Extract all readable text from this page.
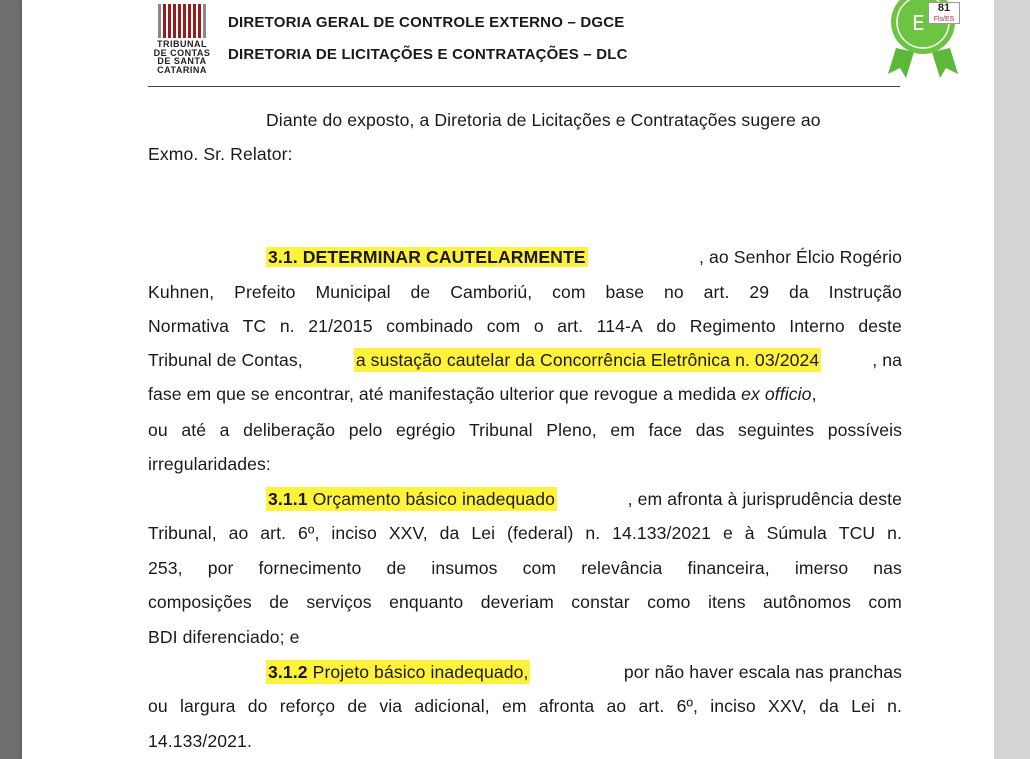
TRIBUNAL
DE CONTAS
DE SANTA
CATARINA
DIRETORIA GERAL DE CONTROLE EXTERNO – DGCE
DIRETORIA DE LICITAÇÕES E CONTRATAÇÕES – DLC
E
81
Fls/ES
Diante do exposto, a Diretoria de Licitações e Contratações sugere ao
Exmo. Sr. Relator:
3.1. DETERMINAR CAUTELARMENTE	, ao Senhor Élcio Rogério
Kuhnen, Prefeito Municipal de Camboriú, com base no art. 29 da Instrução
Normativa TC n. 21/2015 combinado com o art. 114-A do Regimento Interno deste
Tribunal de Contas,	a sustação cautelar da Concorrência Eletrônica n. 03/2024	, na
fase em que se encontrar, até manifestação ulterior que revogue a medida ex officio,
ou até a deliberação pelo egrégio Tribunal Pleno, em face das seguintes possíveis
irregularidades:
3.1.1 Orçamento básico inadequado	, em afronta à jurisprudência deste
Tribunal, ao art. 6º, inciso XXV, da Lei (federal) n. 14.133/2021 e à Súmula TCU n.
253, por fornecimento de insumos com relevância financeira, imerso nas
composições de serviços enquanto deveriam constar como itens autônomos com
BDI diferenciado; e
3.1.2 Projeto básico inadequado,	por não haver escala nas pranchas
ou largura do reforço de via adicional, em afronta ao art. 6º, inciso XXV, da Lei n.
14.133/2021.
